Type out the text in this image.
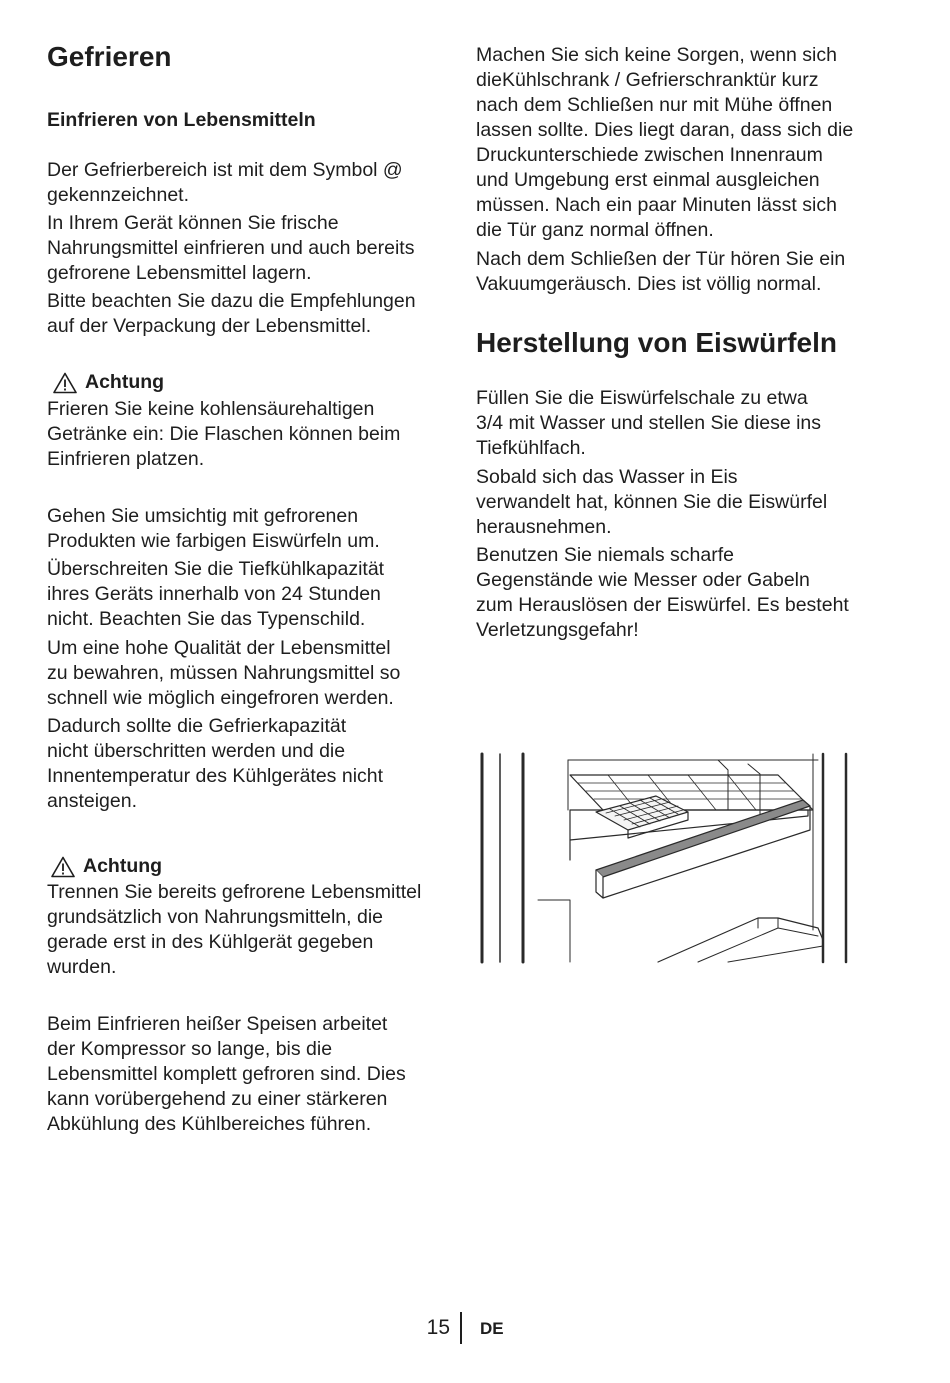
Gefrieren
Einfrieren von Lebensmitteln

Der Gefrierbereich ist mit dem Symbol @
gekennzeichnet.

In Ihrem Gerät können Sie frische
Nahrungsmittel einfrieren und auch bereits
gefrorene Lebensmittel lagern.

Bitte beachten Sie dazu die Empfehlungen
auf der Verpackung der Lebensmittel.

Achtung

Frieren Sie keine kohlensäurehaltigen
Getränke ein: Die Flaschen können beim
Einfrieren platzen.

Gehen Sie umsichtig mit gefrorenen
Produkten wie farbigen Eiswürfeln um.

Überschreiten Sie die Tiefkühlkapazität
ihres Geräts innerhalb von 24 Stunden
nicht. Beachten Sie das Typenschild.

Um eine hohe Qualität der Lebensmittel
zu bewahren, müssen Nahrungsmittel so
schnell wie möglich eingefroren werden.

Dadurch sollte die Gefrierkapazität
nicht überschritten werden und die
Innentemperatur des Kühlgerätes nicht
ansteigen.

Achtung

Trennen Sie bereits gefrorene Lebensmittel
grundsätzlich von Nahrungsmitteln, die
gerade erst in des Kühlgerät gegeben
wurden.

Beim Einfrieren heißer Speisen arbeitet
der Kompressor so lange, bis die
Lebensmittel komplett gefroren sind. Dies
kann vorübergehend zu einer stärkeren
Abkühlung des Kühlbereiches führen.

Machen Sie sich keine Sorgen, wenn sich
dieKühlschrank / Gefrierschranktür kurz
nach dem Schließen nur mit Mühe öffnen
lassen sollte. Dies liegt daran, dass sich die
Druckunterschiede zwischen Innenraum
und Umgebung erst einmal ausgleichen
müssen. Nach ein paar Minuten lässt sich
die Tür ganz normal öffnen.

Nach dem Schließen der Tür hören Sie ein
Vakuumgeräusch. Dies ist völlig normal.

Herstellung von Eiswürfeln

Füllen Sie die Eiswürfelschale zu etwa
3/4 mit Wasser und stellen Sie diese ins
Tiefkühlfach.

Sobald sich das Wasser in Eis
verwandelt hat, können Sie die Eiswürfel
herausnehmen.

Benutzen Sie niemals scharfe
Gegenstände wie Messer oder Gabeln
zum Herauslösen der Eiswürfel. Es besteht
Verletzungsgefahr!

15 DE
